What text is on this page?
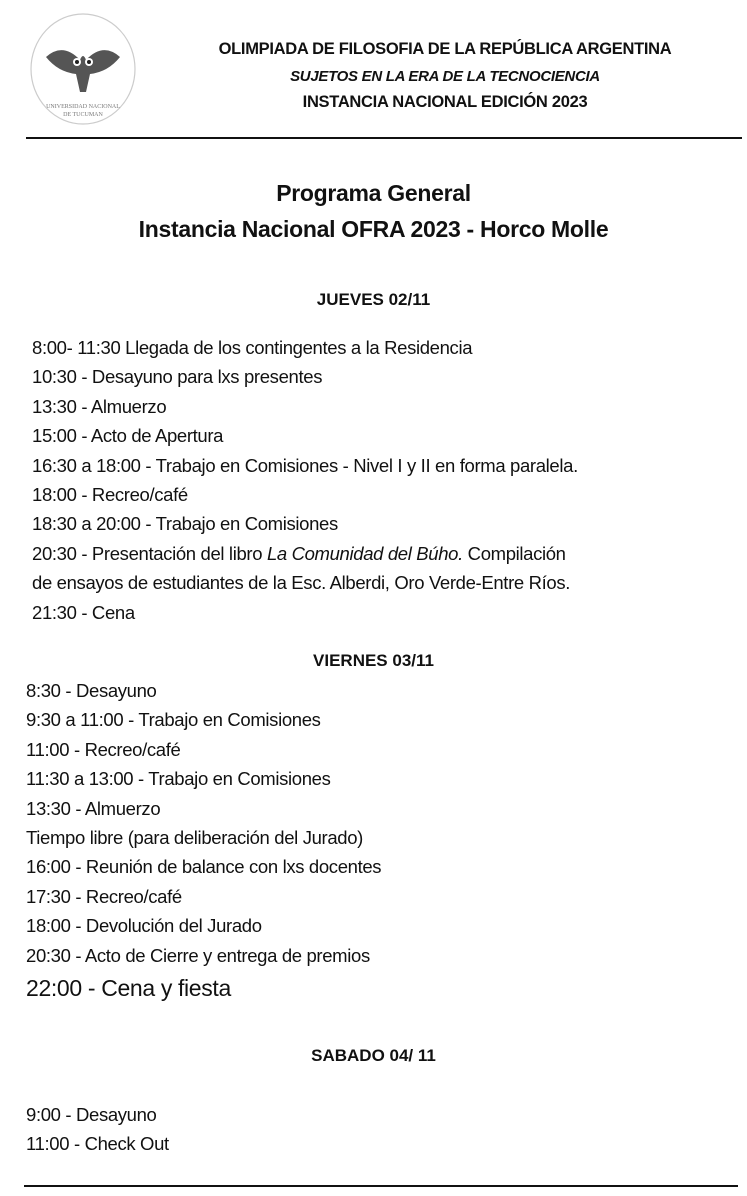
UNIVERSIDAD NACIONAL
DE TUCUMAN
OLIMPIADA DE FILOSOFIA DE LA REPÚBLICA ARGENTINA
SUJETOS EN LA ERA DE LA TECNOCIENCIA
INSTANCIA NACIONAL EDICIÓN 2023
Programa General
Instancia Nacional OFRA 2023 - Horco Molle
JUEVES 02/11
8:00- 11:30 Llegada de los contingentes a la Residencia
10:30 - Desayuno para lxs presentes
13:30 - Almuerzo
15:00 - Acto de Apertura
16:30 a 18:00 - Trabajo en Comisiones - Nivel I y II en forma paralela.
18:00 - Recreo/café
18:30 a 20:00 - Trabajo en Comisiones
20:30 - Presentación del libro La Comunidad del Búho. Compilación
de ensayos de estudiantes de la Esc. Alberdi, Oro Verde-Entre Ríos.
21:30 - Cena
VIERNES 03/11
8:30 - Desayuno
9:30 a 11:00 - Trabajo en Comisiones
11:00 - Recreo/café
11:30 a 13:00 - Trabajo en Comisiones
13:30 - Almuerzo
Tiempo libre (para deliberación del Jurado)
16:00 - Reunión de balance con lxs docentes
17:30 - Recreo/café
18:00 - Devolución del Jurado
20:30 - Acto de Cierre y entrega de premios
22:00 - Cena y fiesta
SABADO 04/ 11
9:00 - Desayuno
11:00 - Check Out
